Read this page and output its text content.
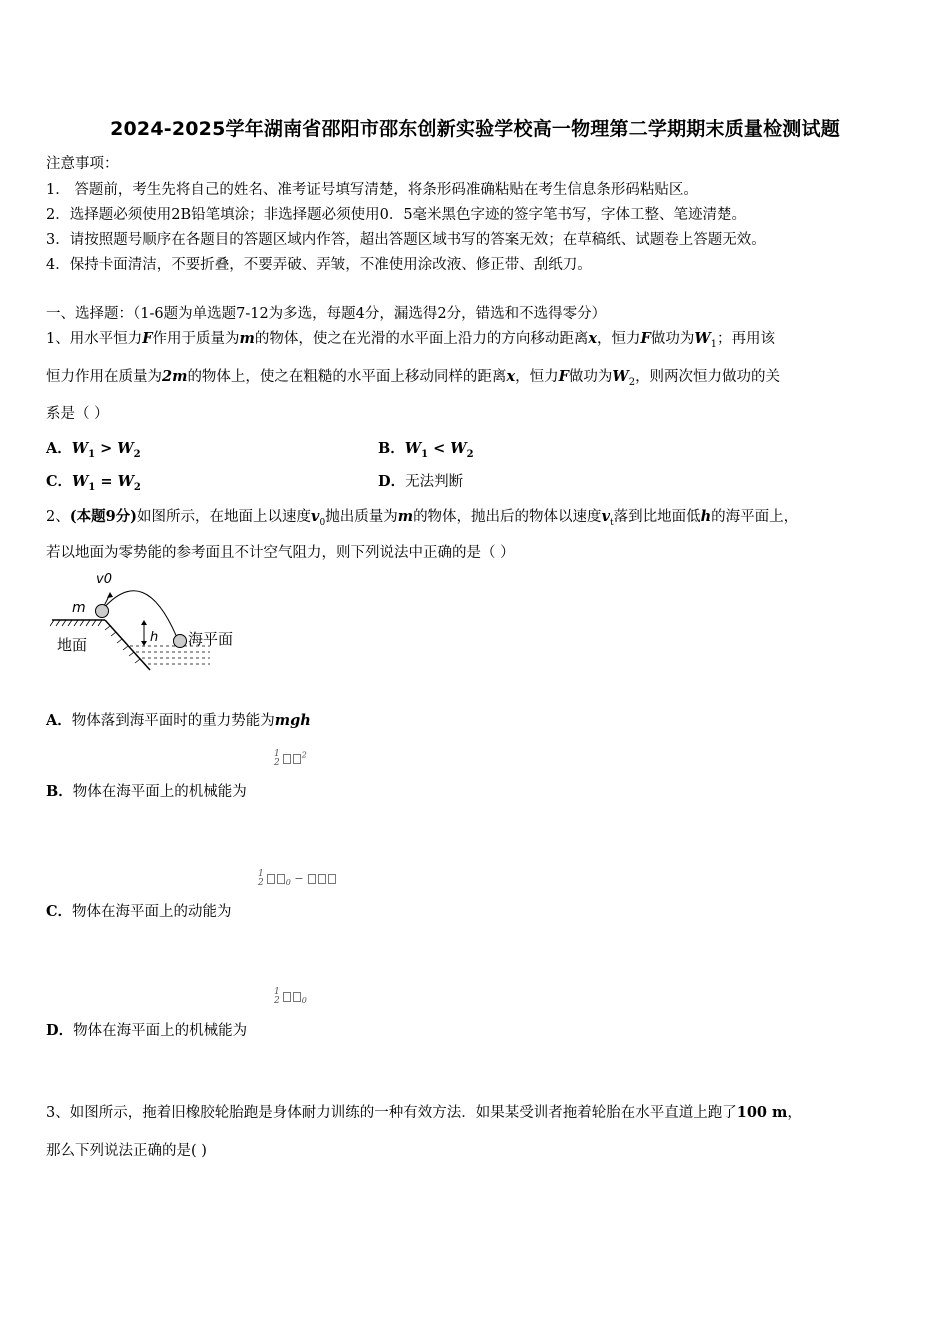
2024-2025学年湖南省邵阳市邵东创新实验学校高一物理第二学期期末质量检测试题
注意事项：
1． 答题前，考生先将自己的姓名、准考证号填写清楚，将条形码准确粘贴在考生信息条形码粘贴区。
2．选择题必须使用2B铅笔填涂；非选择题必须使用0．5毫米黑色字迹的签字笔书写，字体工整、笔迹清楚。
3．请按照题号顺序在各题目的答题区域内作答，超出答题区域书写的答案无效；在草稿纸、试题卷上答题无效。
4．保持卡面清洁，不要折叠，不要弄破、弄皱，不准使用涂改液、修正带、刮纸刀。
一、选择题：（1-6题为单选题7-12为多选，每题4分，漏选得2分，错选和不选得零分）
1、用水平恒力F作用于质量为m的物体，使之在光滑的水平面上沿力的方向移动距离x，恒力F做功为$W_1$；再用该
恒力作用在质量为2m的物体上，使之在粗糙的水平面上移动同样的距离x，恒力F做功为$W_2$，则两次恒力做功的关
系是（ ）
A．$W_1 > W_2$	B．$W_1 < W_2$
C．$W_1 = W_2$	D．无法判断
2、(本题9分)如图所示，在地面上以速度$v_0$抛出质量为m的物体，抛出后的物体以速度$v_t$落到比地面低h的海平面上，
若以地面为零势能的参考面且不计空气阻力，则下列说法中正确的是（ ）
v0
m
地面	h 海平面
A．物体落到海平面时的重力势能为mgh
1
$2^2$
B．物体在海平面上的机械能为
1
2	$_0$ −
C．物体在海平面上的动能为
1
2	$_0$
D．物体在海平面上的机械能为
3、如图所示，拖着旧橡胶轮胎跑是身体耐力训练的一种有效方法．如果某受训者拖着轮胎在水平直道上跑了100 m，
那么下列说法正确的是( )
